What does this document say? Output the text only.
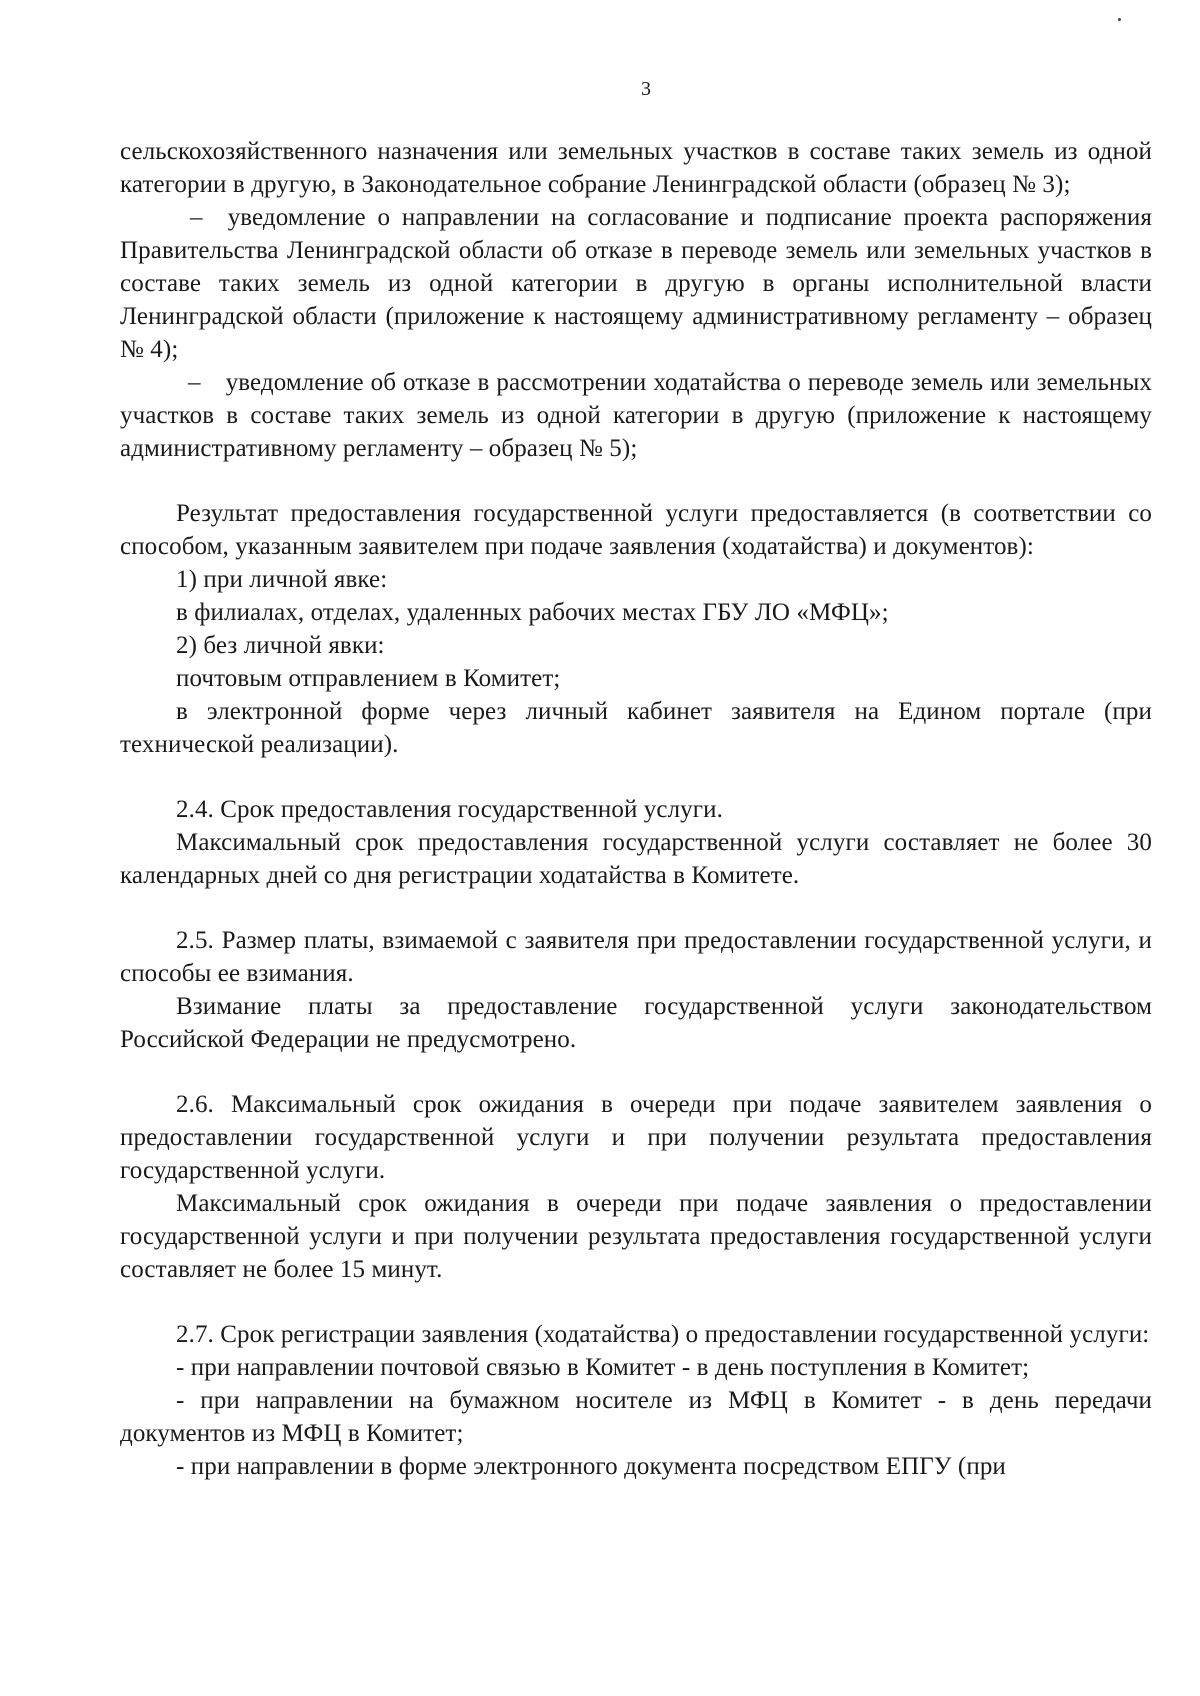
3

сельскохозяйственного назначения или земельных участков в составе таких земель из одной категории в другую, в Законодательное собрание Ленинградской области (образец № 3);

– уведомление о направлении на согласование и подписание проекта распоряжения Правительства Ленинградской области об отказе в переводе земель или земельных участков в составе таких земель из одной категории в другую в органы исполнительной власти Ленинградской области (приложение к настоящему административному регламенту – образец № 4);

– уведомление об отказе в рассмотрении ходатайства о переводе земель или земельных участков в составе таких земель из одной категории в другую (приложение к настоящему административному регламенту – образец № 5);

Результат предоставления государственной услуги предоставляется (в соответствии со способом, указанным заявителем при подаче заявления (ходатайства) и документов):

1) при личной явке:

в филиалах, отделах, удаленных рабочих местах ГБУ ЛО «МФЦ»;

2) без личной явки:

почтовым отправлением в Комитет;

в электронной форме через личный кабинет заявителя на Едином портале (при технической реализации).

2.4. Срок предоставления государственной услуги.

Максимальный срок предоставления государственной услуги составляет не более 30 календарных дней со дня регистрации ходатайства в Комитете.

2.5. Размер платы, взимаемой с заявителя при предоставлении государственной услуги, и способы ее взимания.

Взимание платы за предоставление государственной услуги законодательством Российской Федерации не предусмотрено.

2.6. Максимальный срок ожидания в очереди при подаче заявителем заявления о предоставлении государственной услуги и при получении результата предоставления государственной услуги.

Максимальный срок ожидания в очереди при подаче заявления о предоставлении государственной услуги и при получении результата предоставления государственной услуги составляет не более 15 минут.

2.7. Срок регистрации заявления (ходатайства) о предоставлении государственной услуги:

- при направлении почтовой связью в Комитет - в день поступления в Комитет;

- при направлении на бумажном носителе из МФЦ в Комитет - в день передачи документов из МФЦ в Комитет;

- при направлении в форме электронного документа посредством ЕПГУ (при
